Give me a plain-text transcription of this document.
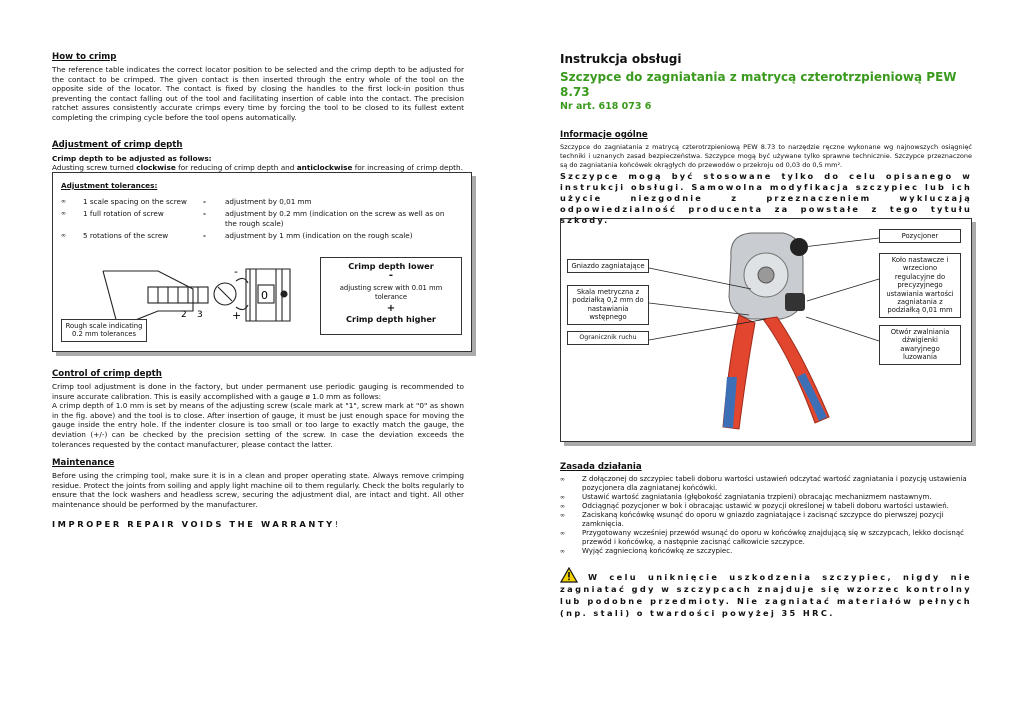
How to crimp

The reference table indicates the correct locator position to be selected and the crimp depth to be adjusted for the contact to be crimped. The given contact is then inserted through the entry whole of the tool on the opposite side of the locator. The contact is fixed by closing the handles to the first lock-in position thus preventing the contact falling out of the tool and facilitating insertion of cable into the contact. The precision ratchet assures consistently accurate crimps every time by forcing the tool to be closed to its fullest extent completing the crimping cycle before the tool opens automatically.

Adjustment of crimp depth
Crimp depth to be adjusted as follows:

Adusting screw turned clockwise for reducing of crimp depth and anticlockwise for increasing of crimp depth.

Adjustment tolerances:
∞	1 scale spacing on the screw	-	adjustment by 0,01 mm
∞	1 full rotation of screw	-	adjustment by 0.2 mm (indication on the screw as well as on the rough scale)
∞	5 rotations of the screw	-	adjustment by 1 mm (indication on the rough scale)
2 3
0
-
+
Rough scale indicating 0.2 mm tolerances
Crimp depth lower
-
adjusting screw with 0.01 mm tolerance
+
Crimp depth higher
Control of crimp depth

Crimp tool adjustment is done in the factory, but under permanent use periodic gauging is recommended to insure accurate calibration. This is easily accomplished with a gauge ø 1.0 mm as follows:
A crimp depth of 1.0 mm is set by means of the adjusting screw (scale mark at "1", screw mark at "0" as shown in the fig. above) and the tool is to close. After insertion of gauge, it must be just enough space for moving the gauge inside the entry hole. If the indenter closure is too small or too large to exactly match the gauge, the deviation (+/-) can be checked by the precision setting of the screw. In case the deviation exceeds the tolerances requested by the contact manufacturer, please contact the latter.

Maintenance

Before using the crimping tool, make sure it is in a clean and proper operating state. Always remove crimping residue. Protect the joints from soiling and apply light machine oil to them regularly. Check the bolts regularly to ensure that the lock washers and headless screw, securing the adjustment dial, are intact and tight. All other maintenance should be performed by the manufacturer.

IMPROPER REPAIR VOIDS THE WARRANTY!
Instrukcja obsługi
Szczypce do zagniatania z matrycą czterotrzpieniową PEW 8.73
Nr art. 618 073 6
Informacje ogólne

Szczypce do zagniatania z matrycą czterotrzpieniową PEW 8.73 to narzędzie ręczne wykonane wg najnowszych osiągnięć techniki i uznanych zasad bezpieczeństwa. Szczypce mogą być używane tylko sprawne technicznie. Szczypce przeznaczone są do zagniatania końcówek okrągłych do przewodów o przekroju od 0,03 do 0,5 mm².

Szczypce mogą być stosowane tylko do celu opisanego w instrukcji obsługi. Samowolna modyfikacja szczypiec lub ich użycie niezgodnie z przeznaczeniem wykluczają odpowiedzialność producenta za powstałe z tego tytułu szkody.

Pozycjoner
Gniazdo zagniatające
Koło nastawcze i wrzeciono regulacyjne do precyzyjnego ustawiania wartości zagniatania z podziałką 0,01 mm
Skala metryczna z podziałką 0,2 mm do nastawiania wstępnego
Otwór zwalniania dźwigienki awaryjnego luzowania
Ogranicznik ruchu
Zasada działania
∞	Z dołączonej do szczypiec tabeli doboru wartości ustawień odczytać wartość zagniatania i pozycję ustawienia pozycjonera dla zagniatanej końcówki.
∞	Ustawić wartość zagniatania (głębokość zagniatania trzpieni) obracając mechanizmem nastawnym.
∞	Odciągnąć pozycjoner w bok i obracając ustawić w pozycji określonej w tabeli doboru wartości ustawień.
∞	Zaciskaną końcówkę wsunąć do oporu w gniazdo zagniatające i zacisnąć szczypce do pierwszej pozycji zamknięcia.
∞	Przygotowany wcześniej przewód wsunąć do oporu w końcówkę znajdującą się w szczypcach, lekko docisnąć przewód i końcówkę, a następnie zacisnąć całkowicie szczypce.
∞	Wyjąć zagniecioną końcówkę ze szczypiec.

W celu uniknięcie uszkodzenia szczypiec, nigdy nie zagniatać gdy w szczypcach znajduje się wzorzec kontrolny lub podobne przedmioty. Nie zagniatać materiałów pełnych (np. stali) o twardości powyżej 35 HRC.
